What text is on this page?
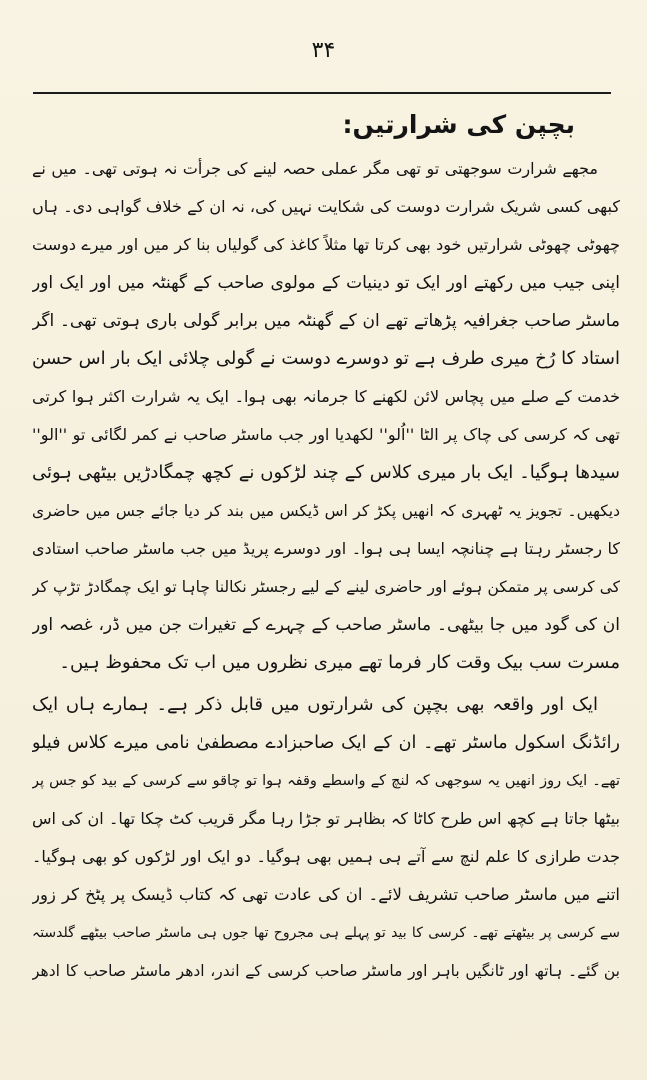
۳۴
بچپن کی شرارتیں:
مجھے شرارت سوجھتی تو تھی مگر عملی حصہ لینے کی جرأت نہ ہوتی تھی۔ میں نے
کبھی کسی شریک شرارت دوست کی شکایت نہیں کی، نہ ان کے خلاف گواہی دی۔ ہاں
چھوٹی چھوٹی شرارتیں خود بھی کرتا تھا مثلاً کاغذ کی گولیاں بنا کر میں اور میرے دوست
اپنی جیب میں رکھتے اور ایک تو دینیات کے مولوی صاحب کے گھنٹہ میں اور ایک اور
ماسٹر صاحب جغرافیہ پڑھاتے تھے ان کے گھنٹہ میں برابر گولی باری ہوتی تھی۔ اگر
استاد کا رُخ میری طرف ہے تو دوسرے دوست نے گولی چلائی ایک بار اس حسن
خدمت کے صلے میں پچاس لائن لکھنے کا جرمانہ بھی ہوا۔ ایک یہ شرارت اکثر ہوا کرتی
تھی کہ کرسی کی چاک پر الٹا ''اُلو'' لکھدیا اور جب ماسٹر صاحب نے کمر لگائی تو ''الو''
سیدھا ہوگیا۔ ایک بار میری کلاس کے چند لڑکوں نے کچھ چمگادڑیں بیٹھی ہوئی
دیکھیں۔ تجویز یہ ٹھہری کہ انھیں پکڑ کر اس ڈیکس میں بند کر دیا جائے جس میں حاضری
کا رجسٹر رہتا ہے چنانچہ ایسا ہی ہوا۔ اور دوسرے پریڈ میں جب ماسٹر صاحب استادی
کی کرسی پر متمکن ہوئے اور حاضری لینے کے لیے رجسٹر نکالنا چاہا تو ایک چمگادڑ تڑپ کر
ان کی گود میں جا بیٹھی۔ ماسٹر صاحب کے چہرے کے تغیرات جن میں ڈر، غصہ اور
مسرت سب بیک وقت کار فرما تھے میری نظروں میں اب تک محفوظ ہیں۔
ایک اور واقعہ بھی بچپن کی شرارتوں میں قابل ذکر ہے۔ ہمارے ہاں ایک
رائڈنگ اسکول ماسٹر تھے۔ ان کے ایک صاحبزادے مصطفیٰ نامی میرے کلاس فیلو
تھے۔ ایک روز انھیں یہ سوجھی کہ لنچ کے واسطے وقفہ ہوا تو چاقو سے کرسی کے بید کو جس پر
بیٹھا جاتا ہے کچھ اس طرح کاٹا کہ بظاہر تو جڑا رہا مگر قریب کٹ چکا تھا۔ ان کی اس
جدت طرازی کا علم لنچ سے آتے ہی ہمیں بھی ہوگیا۔ دو ایک اور لڑکوں کو بھی ہوگیا۔
اتنے میں ماسٹر صاحب تشریف لائے۔ ان کی عادت تھی کہ کتاب ڈیسک پر پٹخ کر زور
سے کرسی پر بیٹھتے تھے۔ کرسی کا بید تو پہلے ہی مجروح تھا جوں ہی ماسٹر صاحب بیٹھے گلدستہ
بن گئے۔ ہاتھ اور ٹانگیں باہر اور ماسٹر صاحب کرسی کے اندر، ادھر ماسٹر صاحب کا ادھر
